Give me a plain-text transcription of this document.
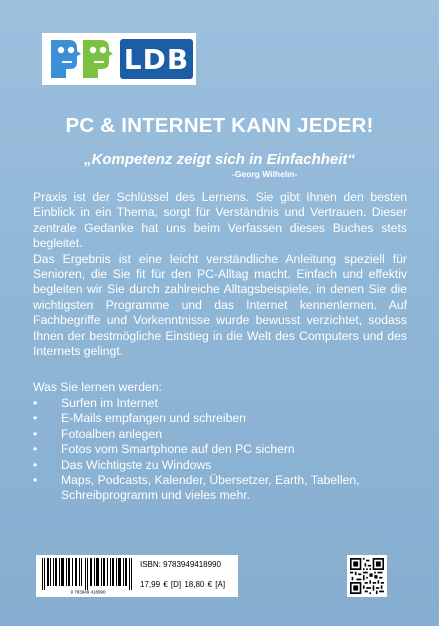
LDB
PC & INTERNET KANN JEDER!
„Kompetenz zeigt sich in Einfachheit“
-Georg Wilhelm-

Praxis ist der Schlüssel des Lernens. Sie gibt Ihnen den besten Einblick in ein Thema, sorgt für Verständnis und Vertrauen. Dieser zentrale Gedanke hat uns beim Verfassen dieses Buches stets begleitet.

Das Ergebnis ist eine leicht verständliche Anleitung speziell für Senioren, die Sie fit für den PC-Alltag macht. Einfach und effektiv begleiten wir Sie durch zahlreiche Alltagsbeispiele, in denen Sie die wichtigsten Programme und das Internet kennenlernen. Auf Fachbegriffe und Vorkenntnisse wurde bewusst verzichtet, sodass Ihnen der bestmögliche Einstieg in die Welt des Computers und des Internets gelingt.

Was Sie lernen werden:
• Surfen im Internet
• E-Mails empfangen und schreiben
• Fotoalben anlegen
• Fotos vom Smartphone auf den PC sichern
• Das Wichtigste zu Windows
• Maps, Podcasts, Kalender, Übersetzer, Earth, Tabellen, Schreibprogramm und vieles mehr.
9 783949 418990
ISBN: 9783949418990
17,99 € [D] 18,80 € [A]
